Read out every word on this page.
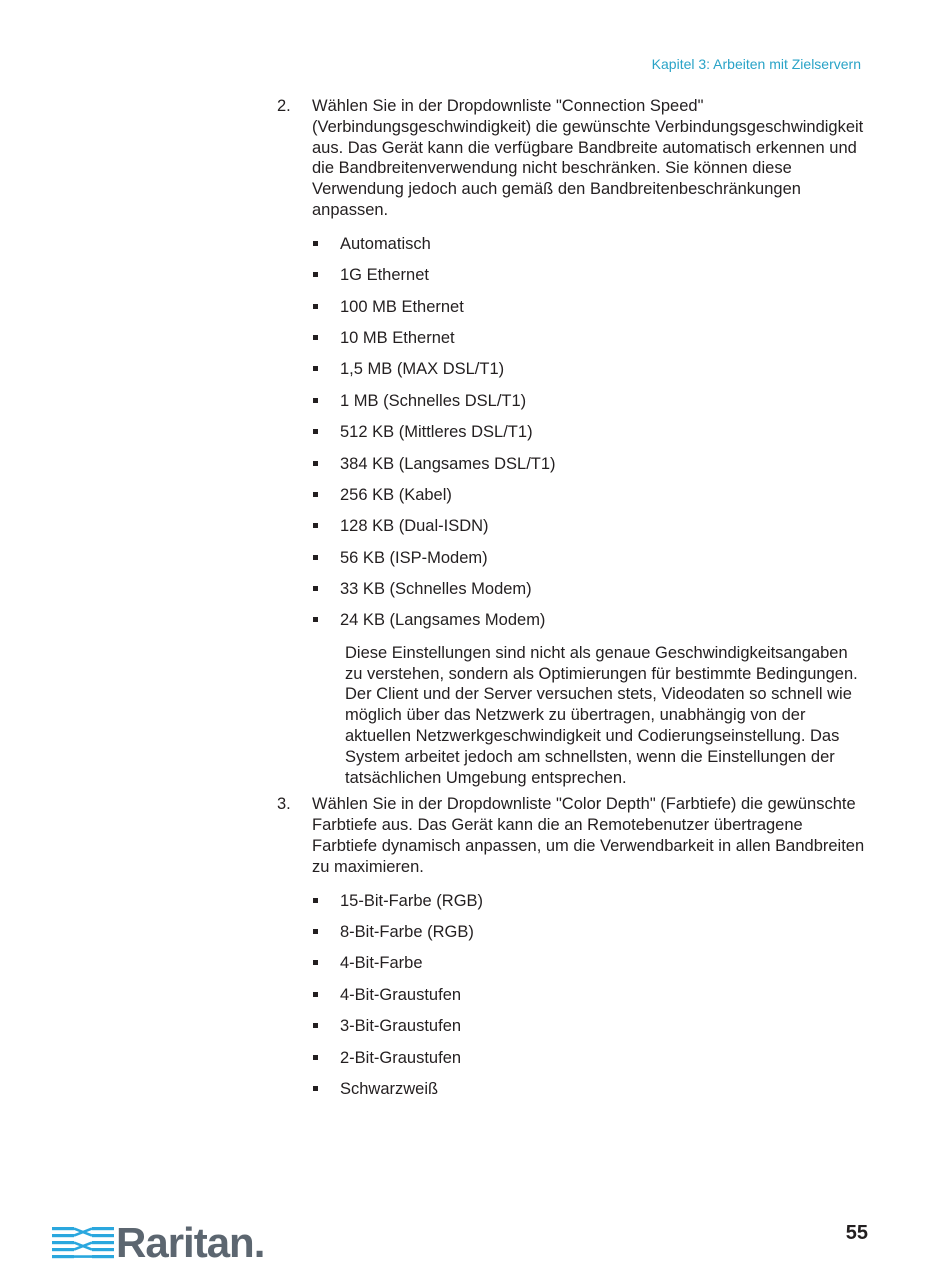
Kapitel 3: Arbeiten mit Zielservern
2. Wählen Sie in der Dropdownliste "Connection Speed" (Verbindungsgeschwindigkeit) die gewünschte Verbindungsgeschwindigkeit aus. Das Gerät kann die verfügbare Bandbreite automatisch erkennen und die Bandbreitenverwendung nicht beschränken. Sie können diese Verwendung jedoch auch gemäß den Bandbreitenbeschränkungen anpassen.

Automatisch
1G Ethernet
100 MB Ethernet
10 MB Ethernet
1,5 MB (MAX DSL/T1)
1 MB (Schnelles DSL/T1)
512 KB (Mittleres DSL/T1)
384 KB (Langsames DSL/T1)
256 KB (Kabel)
128 KB (Dual-ISDN)
56 KB (ISP-Modem)
33 KB (Schnelles Modem)
24 KB (Langsames Modem)

Diese Einstellungen sind nicht als genaue Geschwindigkeitsangaben zu verstehen, sondern als Optimierungen für bestimmte Bedingungen. Der Client und der Server versuchen stets, Videodaten so schnell wie möglich über das Netzwerk zu übertragen, unabhängig von der aktuellen Netzwerkgeschwindigkeit und Codierungseinstellung. Das System arbeitet jedoch am schnellsten, wenn die Einstellungen der tatsächlichen Umgebung entsprechen.

3. Wählen Sie in der Dropdownliste "Color Depth" (Farbtiefe) die gewünschte Farbtiefe aus. Das Gerät kann die an Remotebenutzer übertragene Farbtiefe dynamisch anpassen, um die Verwendbarkeit in allen Bandbreiten zu maximieren.

15-Bit-Farbe (RGB)
8-Bit-Farbe (RGB)
4-Bit-Farbe
4-Bit-Graustufen
3-Bit-Graustufen
2-Bit-Graustufen
Schwarzweiß
Raritan.	55
